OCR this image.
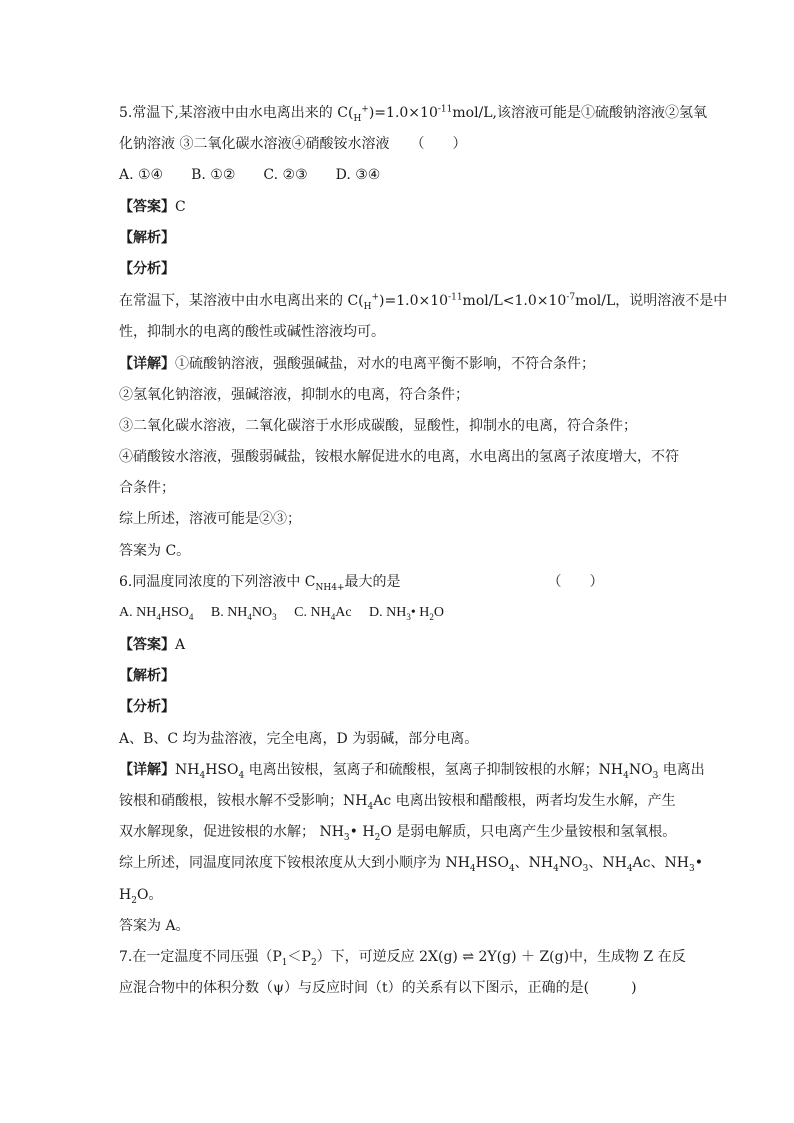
5.常温下,某溶液中由水电离出来的 $C(_H^+)=1.0\times 10^{-11}mol/L$,该溶液可能是①硫酸钠溶液②氢氧
化钠溶液 ③二氧化碳水溶液④硝酸铵水溶液　　（　　）
A. ①④　　B. ①②　　C. ②③　　D. ③④
【答案】C
【解析】
【分析】
在常温下，某溶液中由水电离出来的 $C(_H^+)=1.0\times 10^{-11}mol/L<1.0\times 10^{-7}mol/L$，说明溶液不是中
性，抑制水的电离的酸性或碱性溶液均可。
【详解】①硫酸钠溶液，强酸强碱盐，对水的电离平衡不影响，不符合条件；
②氢氧化钠溶液，强碱溶液，抑制水的电离，符合条件；
③二氧化碳水溶液，二氧化碳溶于水形成碳酸，显酸性，抑制水的电离，符合条件；
④硝酸铵水溶液，强酸弱碱盐，铵根水解促进水的电离，水电离出的氢离子浓度增大，不符
合条件；
综上所述，溶液可能是②③；
答案为 C。
6.同温度同浓度的下列溶液中 $C_{NH4+}$最大的是　　　　　　　　　　　（　　）
A. $NH_4HSO_4$ B. $NH_4NO_3$ C. $NH_4Ac$ D. $NH_3•$ $H_2O$
【答案】A
【解析】
【分析】
A、B、C 均为盐溶液，完全电离，D 为弱碱，部分电离。
【详解】$NH_4HSO_4$ 电离出铵根，氢离子和硫酸根，氢离子抑制铵根的水解；$NH_4NO_3$ 电离出
铵根和硝酸根，铵根水解不受影响；$NH_4Ac$ 电离出铵根和醋酸根，两者均发生水解，产生
双水解现象，促进铵根的水解； $NH_3•$ $H_2O$ 是弱电解质，只电离产生少量铵根和氢氧根。
综上所述，同温度同浓度下铵根浓度从大到小顺序为 $NH_4HSO_4$、$NH_4NO_3$、$NH_4Ac$、$NH_3•$
$H_2O$。
答案为 A。
7.在一定温度不同压强$(P_1<P_2)$下，可逆反应 2X(g) ⇌ 2Y(g) ＋ Z(g)中，生成物 Z 在反
应混合物中的体积分数（ψ）与反应时间（t）的关系有以下图示，正确的是(　　　)
